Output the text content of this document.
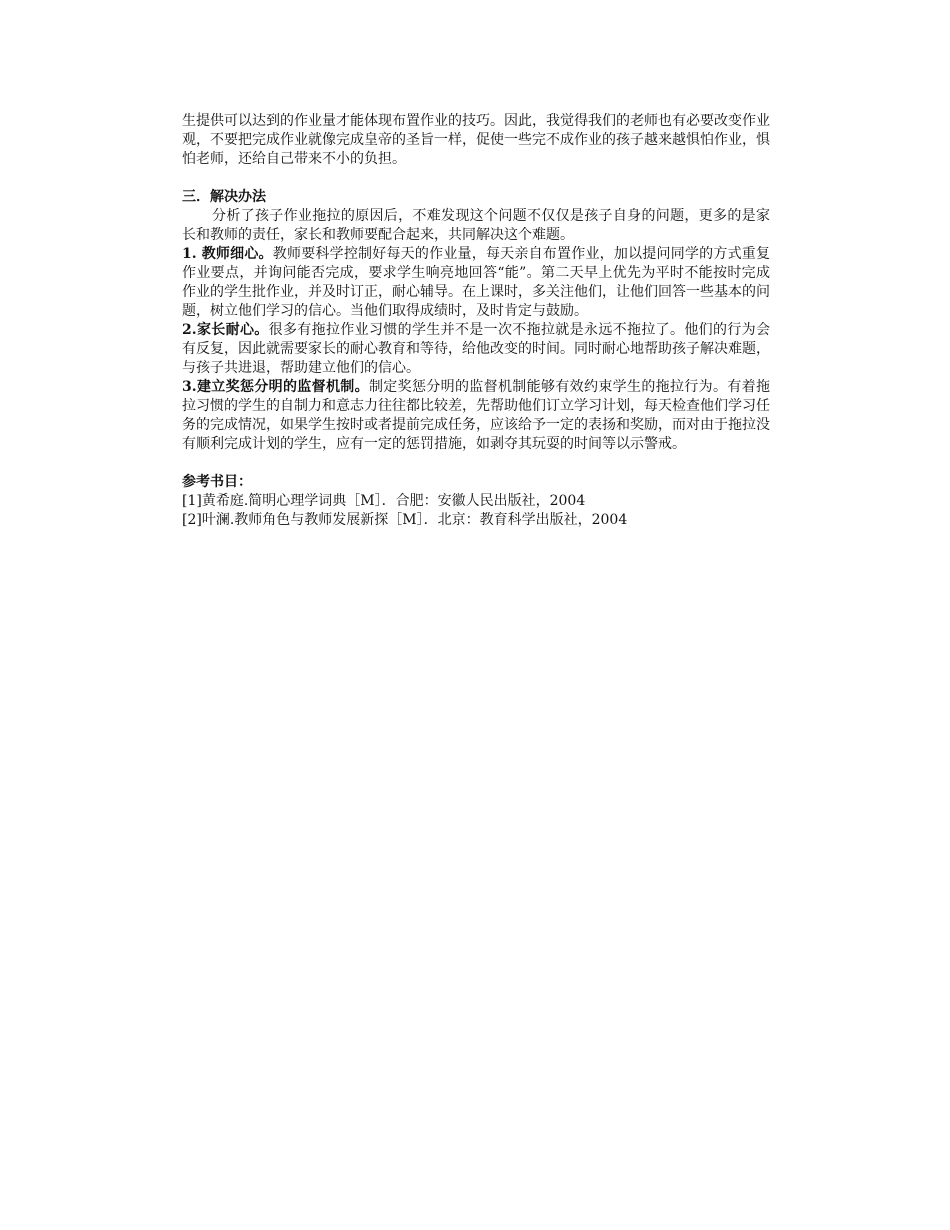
生提供可以达到的作业量才能体现布置作业的技巧。因此，我觉得我们的老师也有必要改变作业观，不要把完成作业就像完成皇帝的圣旨一样，促使一些完不成作业的孩子越来越惧怕作业，惧怕老师，还给自己带来不小的负担。

三．解决办法

分析了孩子作业拖拉的原因后，不难发现这个问题不仅仅是孩子自身的问题，更多的是家长和教师的责任，家长和教师要配合起来，共同解决这个难题。

1. 教师细心。教师要科学控制好每天的作业量，每天亲自布置作业，加以提问同学的方式重复作业要点，并询问能否完成，要求学生响亮地回答“能”。第二天早上优先为平时不能按时完成作业的学生批作业，并及时订正，耐心辅导。在上课时，多关注他们，让他们回答一些基本的问题，树立他们学习的信心。当他们取得成绩时，及时肯定与鼓励。

2.家长耐心。很多有拖拉作业习惯的学生并不是一次不拖拉就是永远不拖拉了。他们的行为会有反复，因此就需要家长的耐心教育和等待，给他改变的时间。同时耐心地帮助孩子解决难题，与孩子共进退，帮助建立他们的信心。

3.建立奖惩分明的监督机制。制定奖惩分明的监督机制能够有效约束学生的拖拉行为。有着拖拉习惯的学生的自制力和意志力往往都比较差，先帮助他们订立学习计划，每天检查他们学习任务的完成情况，如果学生按时或者提前完成任务，应该给予一定的表扬和奖励，而对由于拖拉没有顺利完成计划的学生，应有一定的惩罚措施，如剥夺其玩耍的时间等以示警戒。

参考书目：

[1]黄希庭.简明心理学词典［M］．合肥：安徽人民出版社，2004

[2]叶澜.教师角色与教师发展新探［M］．北京：教育科学出版社，2004
